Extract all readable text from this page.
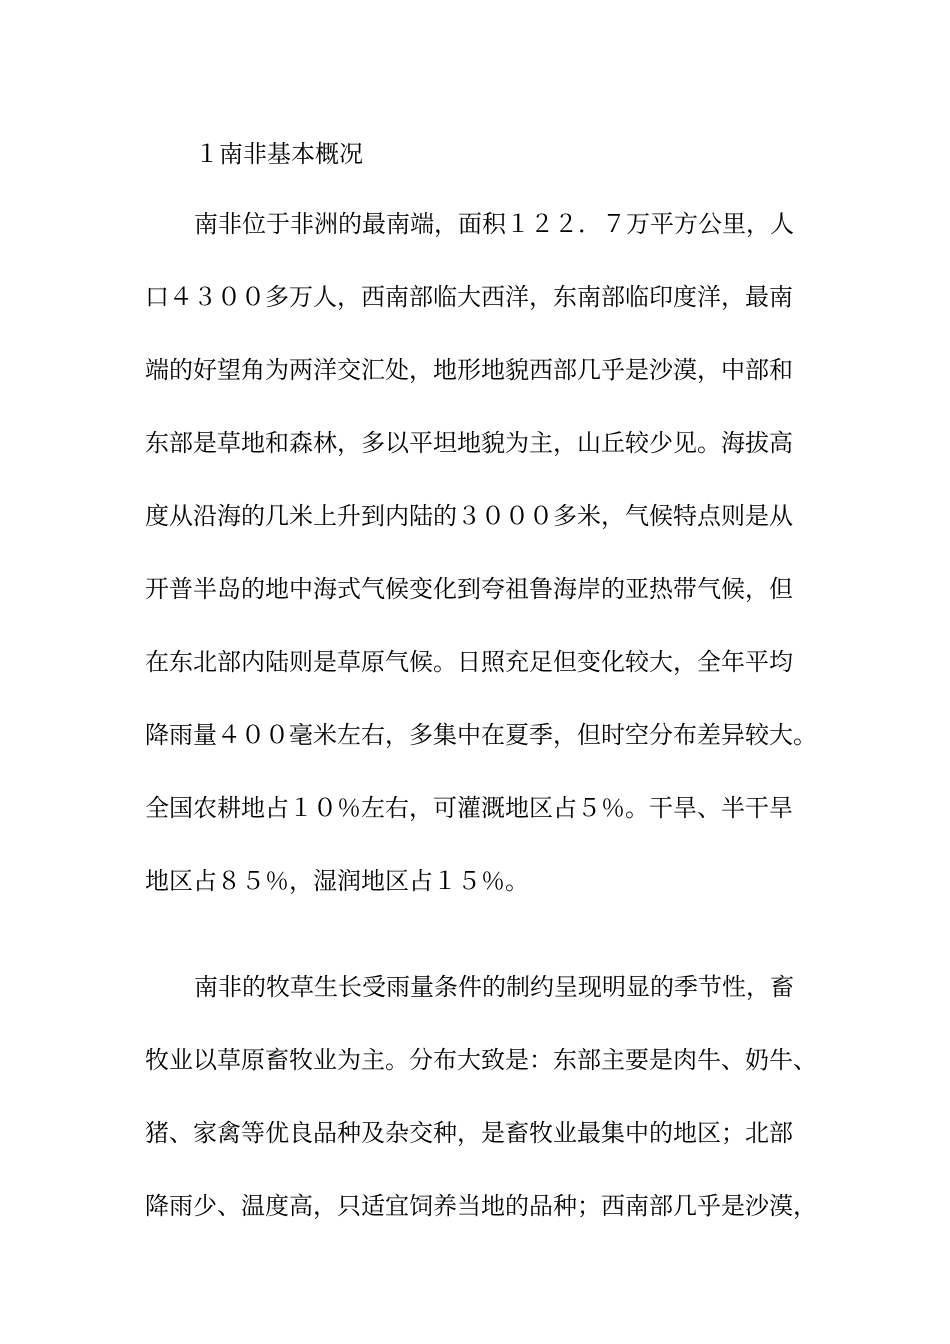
１南非基本概况
南非位于非洲的最南端，面积１２２．７万平方公里，人
口４３００多万人，西南部临大西洋，东南部临印度洋，最南
端的好望角为两洋交汇处，地形地貌西部几乎是沙漠，中部和
东部是草地和森林，多以平坦地貌为主，山丘较少见。海拔高
度从沿海的几米上升到内陆的３０００多米，气候特点则是从
开普半岛的地中海式气候变化到夸祖鲁海岸的亚热带气候，但
在东北部内陆则是草原气候。日照充足但变化较大，全年平均
降雨量４００毫米左右，多集中在夏季，但时空分布差异较大。
全国农耕地占１０％左右，可灌溉地区占５％。干旱、半干旱
地区占８５％，湿润地区占１５％。
南非的牧草生长受雨量条件的制约呈现明显的季节性，畜
牧业以草原畜牧业为主。分布大致是：东部主要是肉牛、奶牛、
猪、家禽等优良品种及杂交种，是畜牧业最集中的地区；北部
降雨少、温度高，只适宜饲养当地的品种；西南部几乎是沙漠，
